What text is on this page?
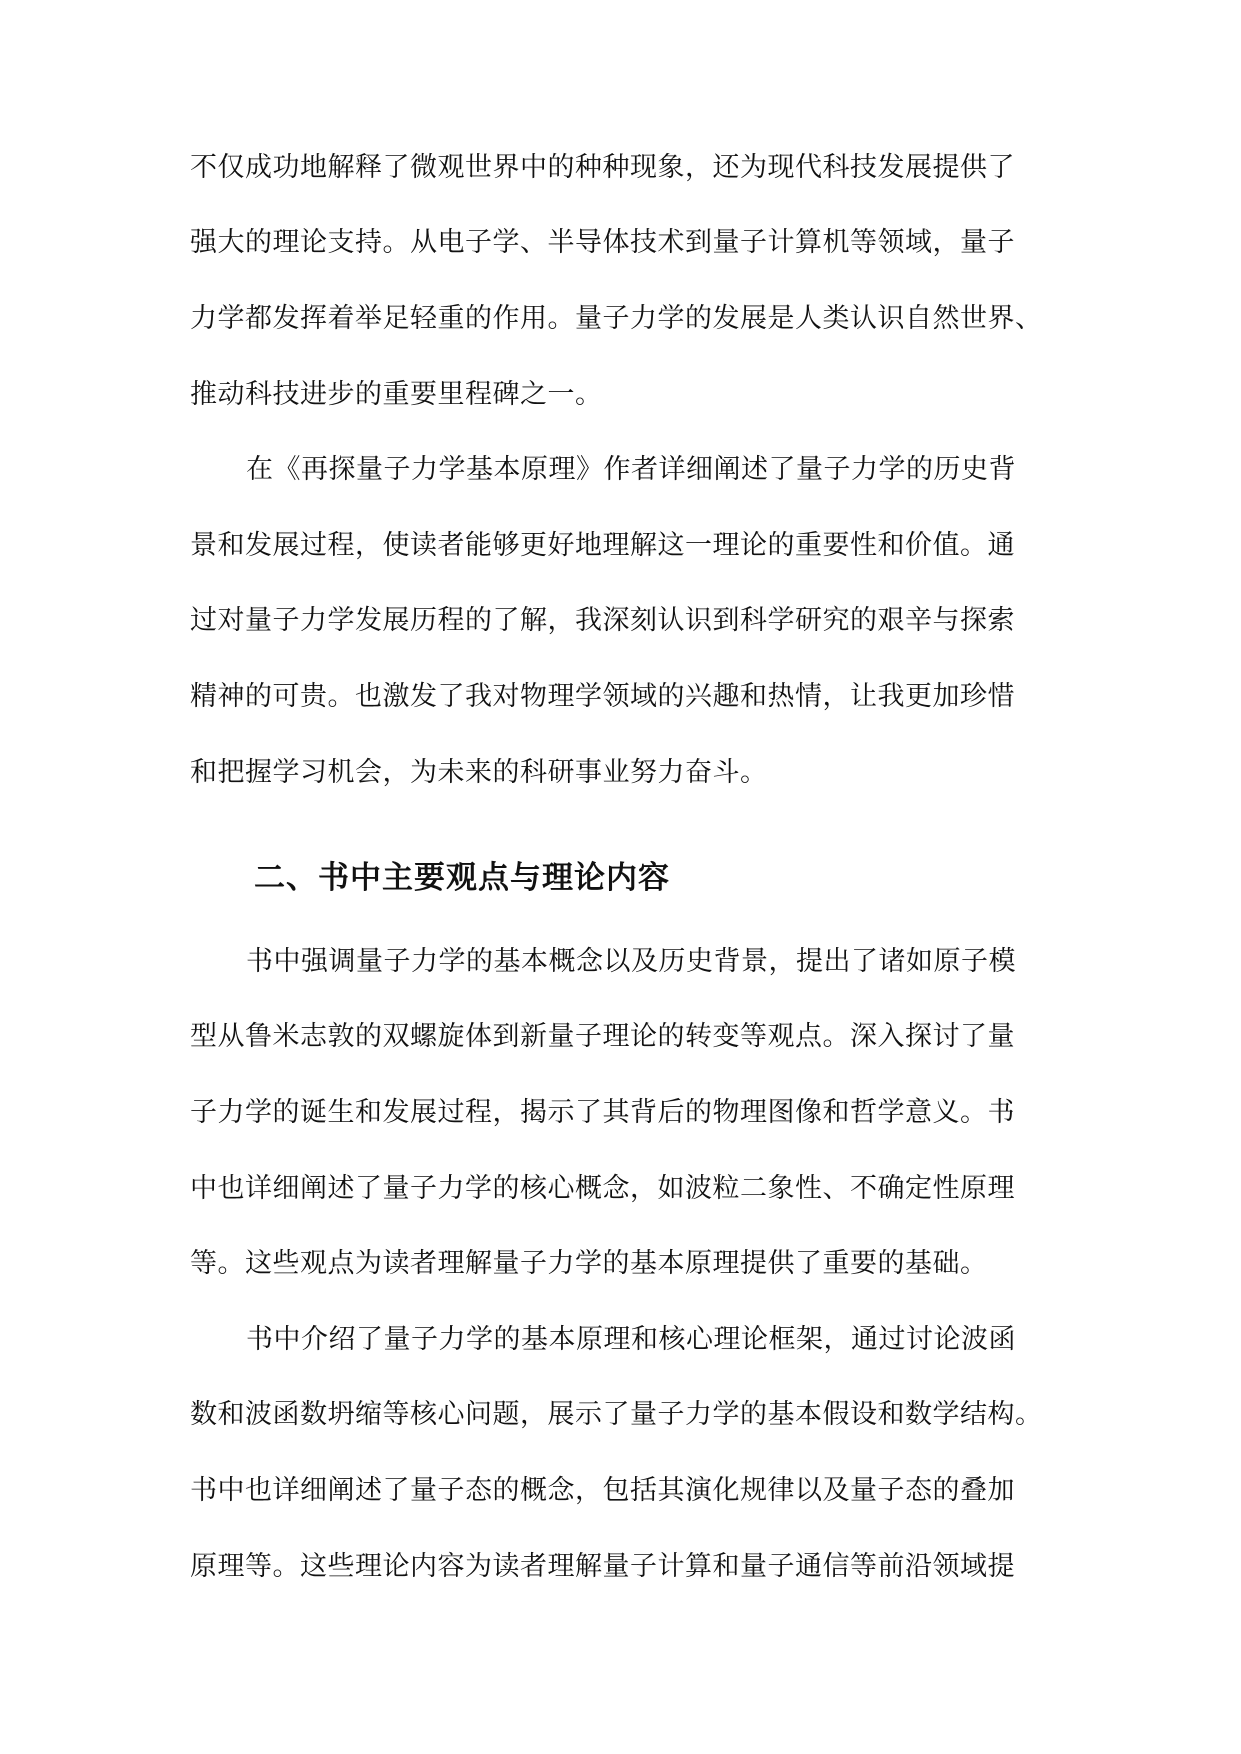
不仅成功地解释了微观世界中的种种现象，还为现代科技发展提供了
强大的理论支持。从电子学、半导体技术到量子计算机等领域，量子
力学都发挥着举足轻重的作用。量子力学的发展是人类认识自然世界、
推动科技进步的重要里程碑之一。
在《再探量子力学基本原理》作者详细阐述了量子力学的历史背
景和发展过程，使读者能够更好地理解这一理论的重要性和价值。通
过对量子力学发展历程的了解，我深刻认识到科学研究的艰辛与探索
精神的可贵。也激发了我对物理学领域的兴趣和热情，让我更加珍惜
和把握学习机会，为未来的科研事业努力奋斗。
二、书中主要观点与理论内容
书中强调量子力学的基本概念以及历史背景，提出了诸如原子模
型从鲁米志敦的双螺旋体到新量子理论的转变等观点。深入探讨了量
子力学的诞生和发展过程，揭示了其背后的物理图像和哲学意义。书
中也详细阐述了量子力学的核心概念，如波粒二象性、不确定性原理
等。这些观点为读者理解量子力学的基本原理提供了重要的基础。
书中介绍了量子力学的基本原理和核心理论框架，通过讨论波函
数和波函数坍缩等核心问题，展示了量子力学的基本假设和数学结构。
书中也详细阐述了量子态的概念，包括其演化规律以及量子态的叠加
原理等。这些理论内容为读者理解量子计算和量子通信等前沿领域提
